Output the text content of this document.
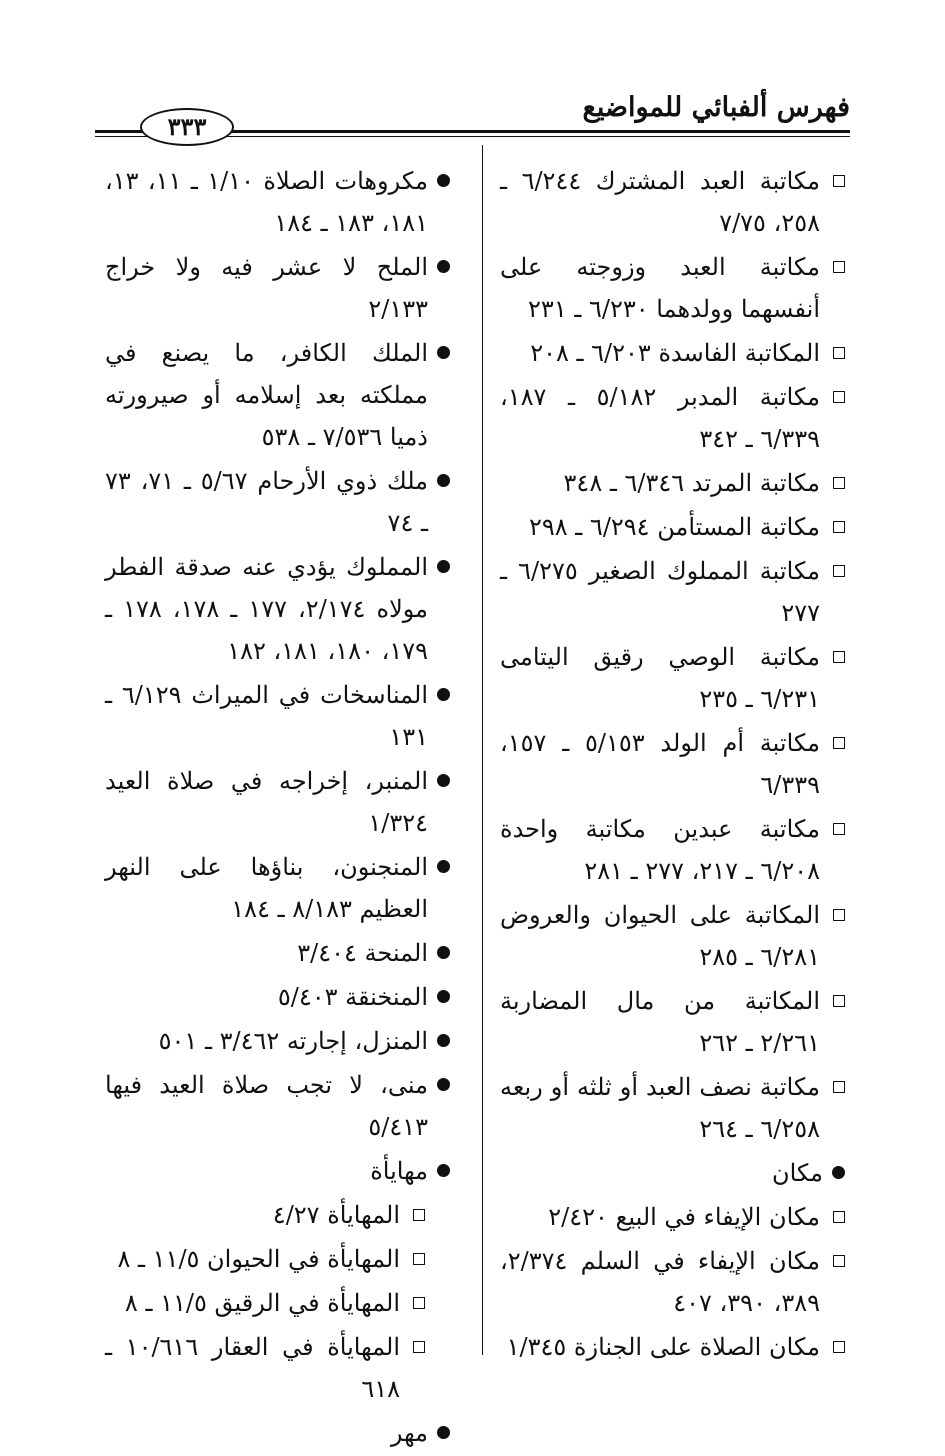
فهرس ألفبائي للمواضيع
٣٣٣
مكاتبة العبد المشترك ٦/٢٤٤ ـ ٢٥٨، ٧/٧٥
مكاتبة العبد وزوجته على أنفسهما وولدهما ٦/٢٣٠ ـ ٢٣١
المكاتبة الفاسدة ٦/٢٠٣ ـ ٢٠٨
مكاتبة المدبر ٥/١٨٢ ـ ١٨٧، ٦/٣٣٩ ـ ٣٤٢
مكاتبة المرتد ٦/٣٤٦ ـ ٣٤٨
مكاتبة المستأمن ٦/٢٩٤ ـ ٢٩٨
مكاتبة المملوك الصغير ٦/٢٧٥ ـ ٢٧٧
مكاتبة الوصي رقيق اليتامى ٦/٢٣١ ـ ٢٣٥
مكاتبة أم الولد ٥/١٥٣ ـ ١٥٧، ٦/٣٣٩
مكاتبة عبدين مكاتبة واحدة ٦/٢٠٨ ـ ٢١٧، ٢٧٧ ـ ٢٨١
المكاتبة على الحيوان والعروض ٦/٢٨١ ـ ٢٨٥
المكاتبة من مال المضاربة ٢/٢٦١ ـ ٢٦٢
مكاتبة نصف العبد أو ثلثه أو ربعه ٦/٢٥٨ ـ ٢٦٤
مكان
مكان الإيفاء في البيع ٢/٤٢٠
مكان الإيفاء في السلم ٢/٣٧٤، ٣٨٩، ٣٩٠، ٤٠٧
مكان الصلاة على الجنازة ١/٣٤٥
مكروهات الصلاة ١/١٠ ـ ١١، ١٣، ١٨١، ١٨٣ ـ ١٨٤
الملح لا عشر فيه ولا خراج ٢/١٣٣
الملك الكافر، ما يصنع في مملكته بعد إسلامه أو صيرورته ذميا ٧/٥٣٦ ـ ٥٣٨
ملك ذوي الأرحام ٥/٦٧ ـ ٧١، ٧٣ ـ ٧٤
المملوك يؤدي عنه صدقة الفطر مولاه ٢/١٧٤، ١٧٧ ـ ١٧٨، ١٧٨ ـ ١٧٩، ١٨٠، ١٨١، ١٨٢
المناسخات في الميراث ٦/١٢٩ ـ ١٣١
المنبر، إخراجه في صلاة العيد ١/٣٢٤
المنجنون، بناؤها على النهر العظيم ٨/١٨٣ ـ ١٨٤
المنحة ٣/٤٠٤
المنخنقة ٥/٤٠٣
المنزل، إجارته ٣/٤٦٢ ـ ٥٠١
منى، لا تجب صلاة العيد فيها ٥/٤١٣
مهايأة
المهايأة ٤/٢٧
المهايأة في الحيوان ١١/٥ ـ ٨
المهايأة في الرقيق ١١/٥ ـ ٨
المهايأة في العقار ١٠/٦١٦ ـ ٦١٨
مهر
